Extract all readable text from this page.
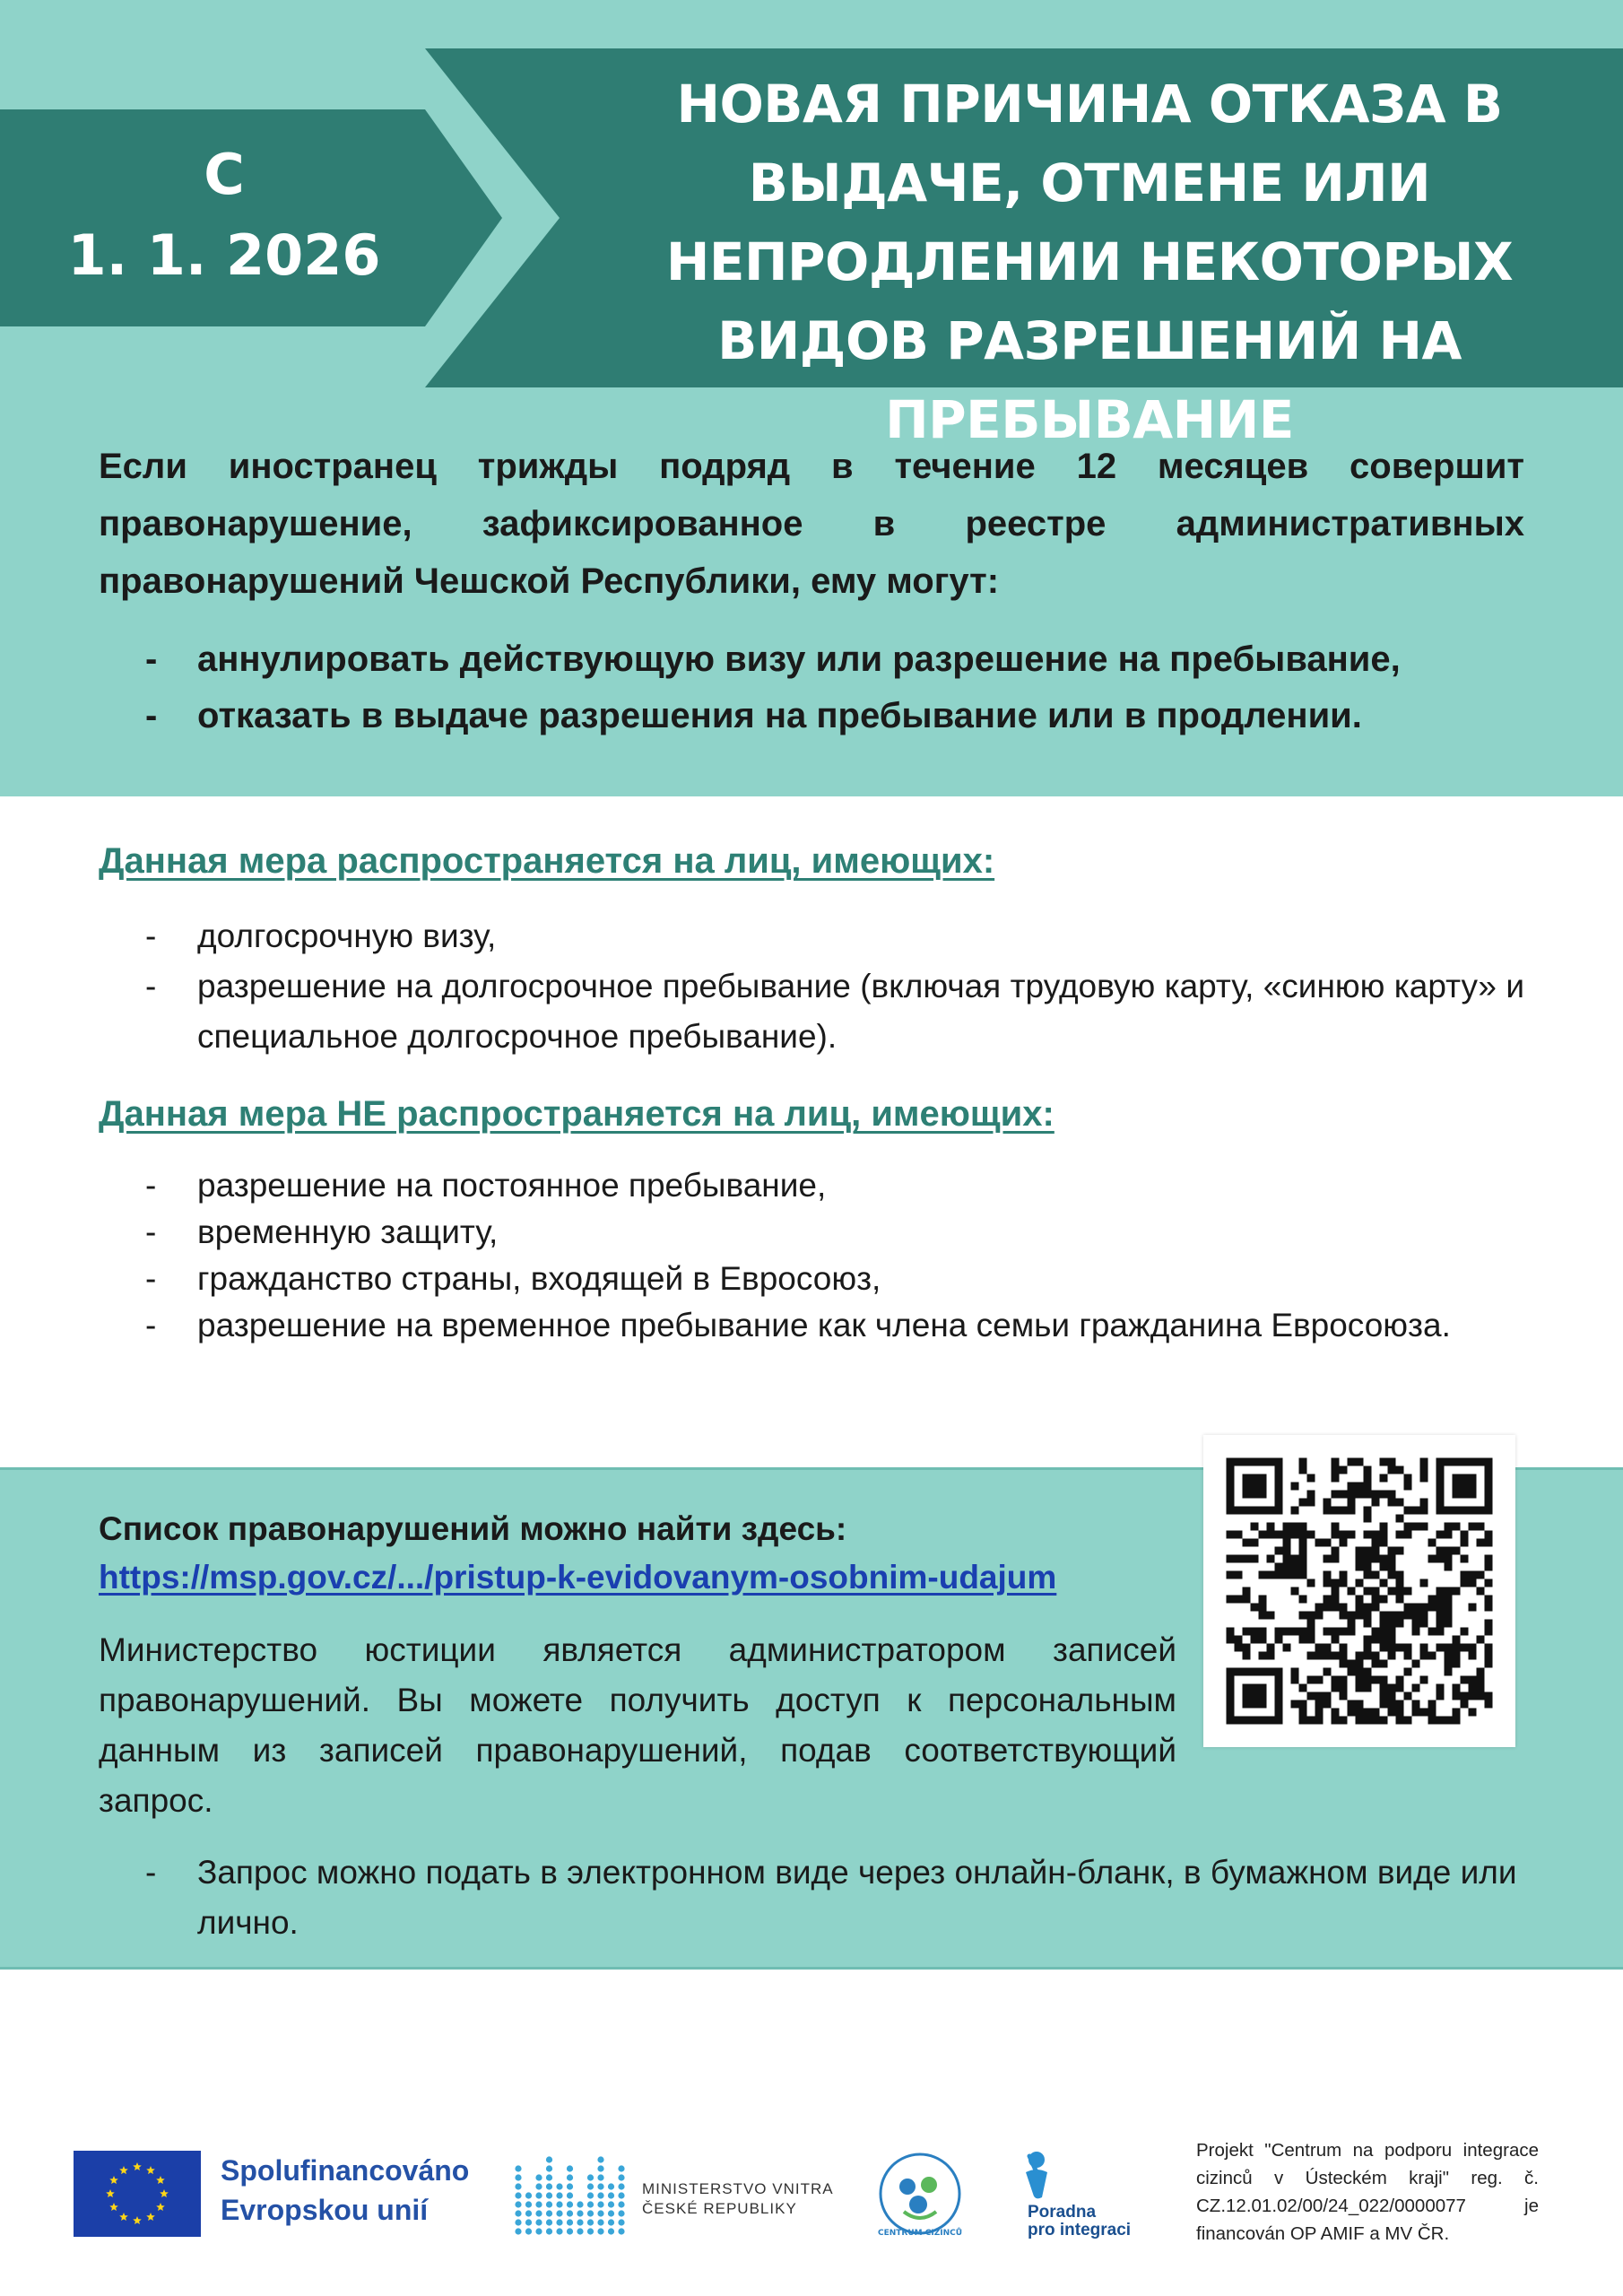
С
1. 1. 2026
НОВАЯ ПРИЧИНА ОТКАЗА В ВЫДАЧЕ, ОТМЕНЕ ИЛИ НЕПРОДЛЕНИИ НЕКОТОРЫХ ВИДОВ РАЗРЕШЕНИЙ НА ПРЕБЫВАНИЕ
Если иностранец трижды подряд в течение 12 месяцев совершит правонарушение, зафиксированное в реестре административных правонарушений Чешской Республики, ему могут:
- аннулировать действующую визу или разрешение на пребывание,
- отказать в выдаче разрешения на пребывание или в продлении.
Данная мера распространяется на лиц, имеющих:
- долгосрочную визу,
- разрешение на долгосрочное пребывание (включая трудовую карту, «синюю карту» и специальное долгосрочное пребывание).
Данная мера НЕ распространяется на лиц, имеющих:
- разрешение на постоянное пребывание,
- временную защиту,
- гражданство страны, входящей в Евросоюз,
- разрешение на временное пребывание как члена семьи гражданина Евросоюза.
Список правонарушений можно найти здесь:
https://msp.gov.cz/.../pristup-k-evidovanym-osobnim-udajum
Министерство юстиции является администратором записей правонарушений. Вы можете получить доступ к персональным данным из записей правонарушений, подав соответствующий запрос.
- Запрос можно подать в электронном виде через онлайн-бланк, в бумажном виде или лично.
Spolufinancováno
Evropskou unií
MINISTERSTVO VNITRA
ČESKÉ REPUBLIKY
CENTRUM CIZINCŮ
Poradna
pro integraci
Projekt "Centrum na podporu integrace cizinců v Ústeckém kraji" reg. č. CZ.12.01.02/00/24_022/0000077 je financován OP AMIF a MV ČR.
